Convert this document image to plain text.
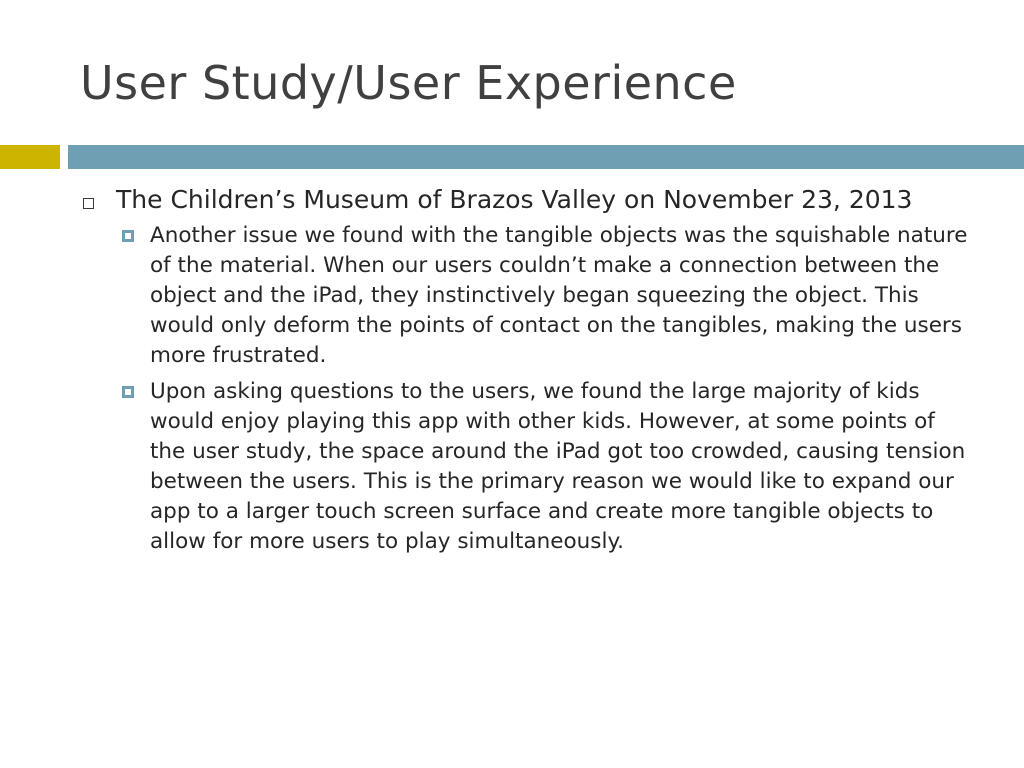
User Study/User Experience
The Children’s Museum of Brazos Valley on November 23, 2013
Another issue we found with the tangible objects was the squishable nature of the material. When our users couldn’t make a connection between the object and the iPad, they instinctively began squeezing the object. This would only deform the points of contact on the tangibles, making the users more frustrated.
Upon asking questions to the users, we found the large majority of kids would enjoy playing this app with other kids. However, at some points of the user study, the space around the iPad got too crowded, causing tension between the users. This is the primary reason we would like to expand our app to a larger touch screen surface and create more tangible objects to allow for more users to play simultaneously.
